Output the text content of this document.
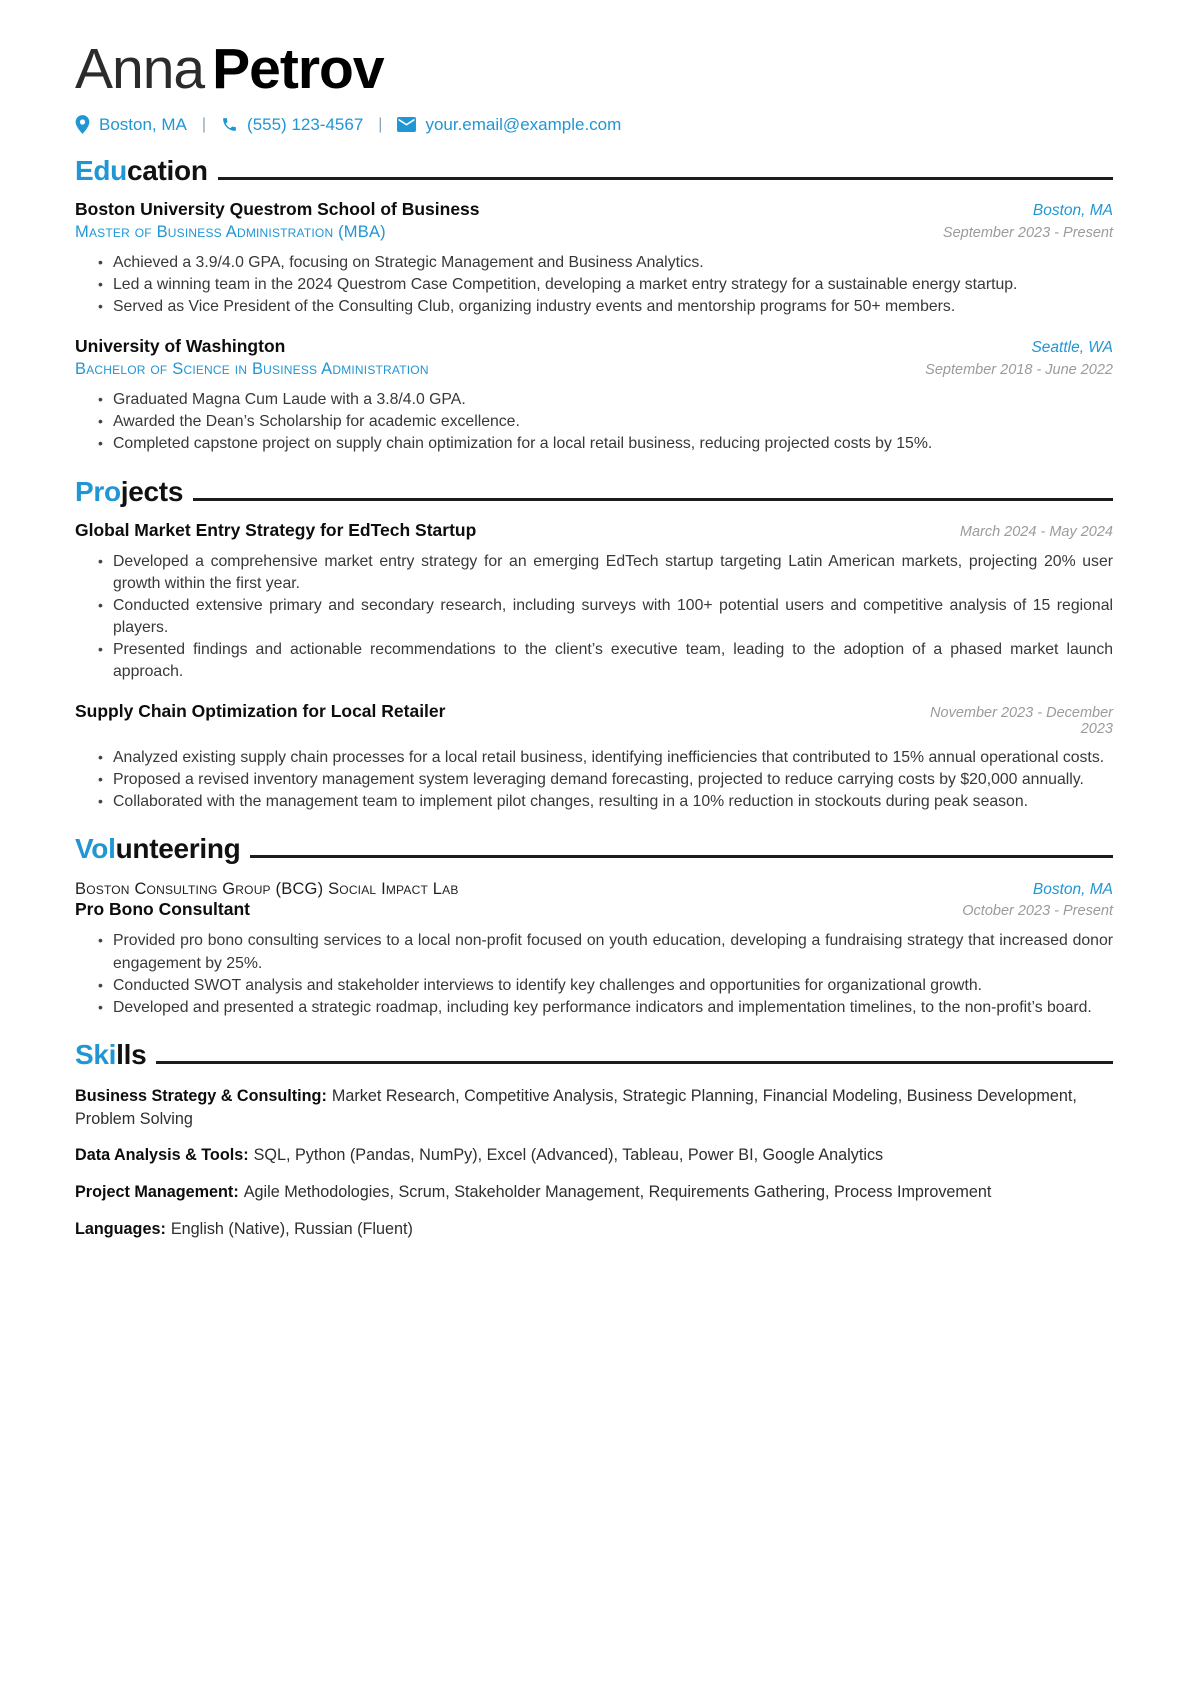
Anna Petrov
Boston, MA | (555) 123-4567 |	your.email@example.com
Edu cation
Boston University Questrom School of Business	Boston, MA
Master of Business Administration (MBA)	September 2023 - Present
• Achieved a 3.9/4.0 GPA, focusing on Strategic Management and Business Analytics.
• Led a winning team in the 2024 Questrom Case Competition, developing a market entry strategy for a sustainable energy startup.
• Served as Vice President of the Consulting Club, organizing industry events and mentorship programs for 50+ members.
University of Washington	Seattle, WA
Bachelor of Science in Business Administration	September 2018 - June 2022
• Graduated Magna Cum Laude with a 3.8/4.0 GPA.
• Awarded the Dean’s Scholarship for academic excellence.
• Completed capstone project on supply chain optimization for a local retail business, reducing projected costs by 15%.
Pro jects
Global Market Entry Strategy for EdTech Startup	March 2024 - May 2024
• Developed a comprehensive market entry strategy for an emerging EdTech startup targeting Latin American markets, projecting 20% user growth within the first year.
• Conducted extensive primary and secondary research, including surveys with 100+ potential users and competitive analysis of 15 regional players.
• Presented findings and actionable recommendations to the client’s executive team, leading to the adoption of a phased market launch approach.
Supply Chain Optimization for Local Retailer	November 2023 - December 2023
• Analyzed existing supply chain processes for a local retail business, identifying inefficiencies that contributed to 15% annual operational costs.
• Proposed a revised inventory management system leveraging demand forecasting, projected to reduce carrying costs by $20,000 annually.
• Collaborated with the management team to implement pilot changes, resulting in a 10% reduction in stockouts during peak season.
Vol unteering
Boston Consulting Group (BCG) Social Impact Lab	Boston, MA
Pro Bono Consultant	October 2023 - Present
• Provided pro bono consulting services to a local non-profit focused on youth education, developing a fundraising strategy that increased donor engagement by 25%.
• Conducted SWOT analysis and stakeholder interviews to identify key challenges and opportunities for organizational growth.
• Developed and presented a strategic roadmap, including key performance indicators and implementation timelines, to the non-profit’s board.
Ski lls

Business Strategy & Consulting: Market Research, Competitive Analysis, Strategic Planning, Financial Modeling, Business Development, Problem Solving

Data Analysis & Tools: SQL, Python (Pandas, NumPy), Excel (Advanced), Tableau, Power BI, Google Analytics

Project Management: Agile Methodologies, Scrum, Stakeholder Management, Requirements Gathering, Process Improvement

Languages: English (Native), Russian (Fluent)
